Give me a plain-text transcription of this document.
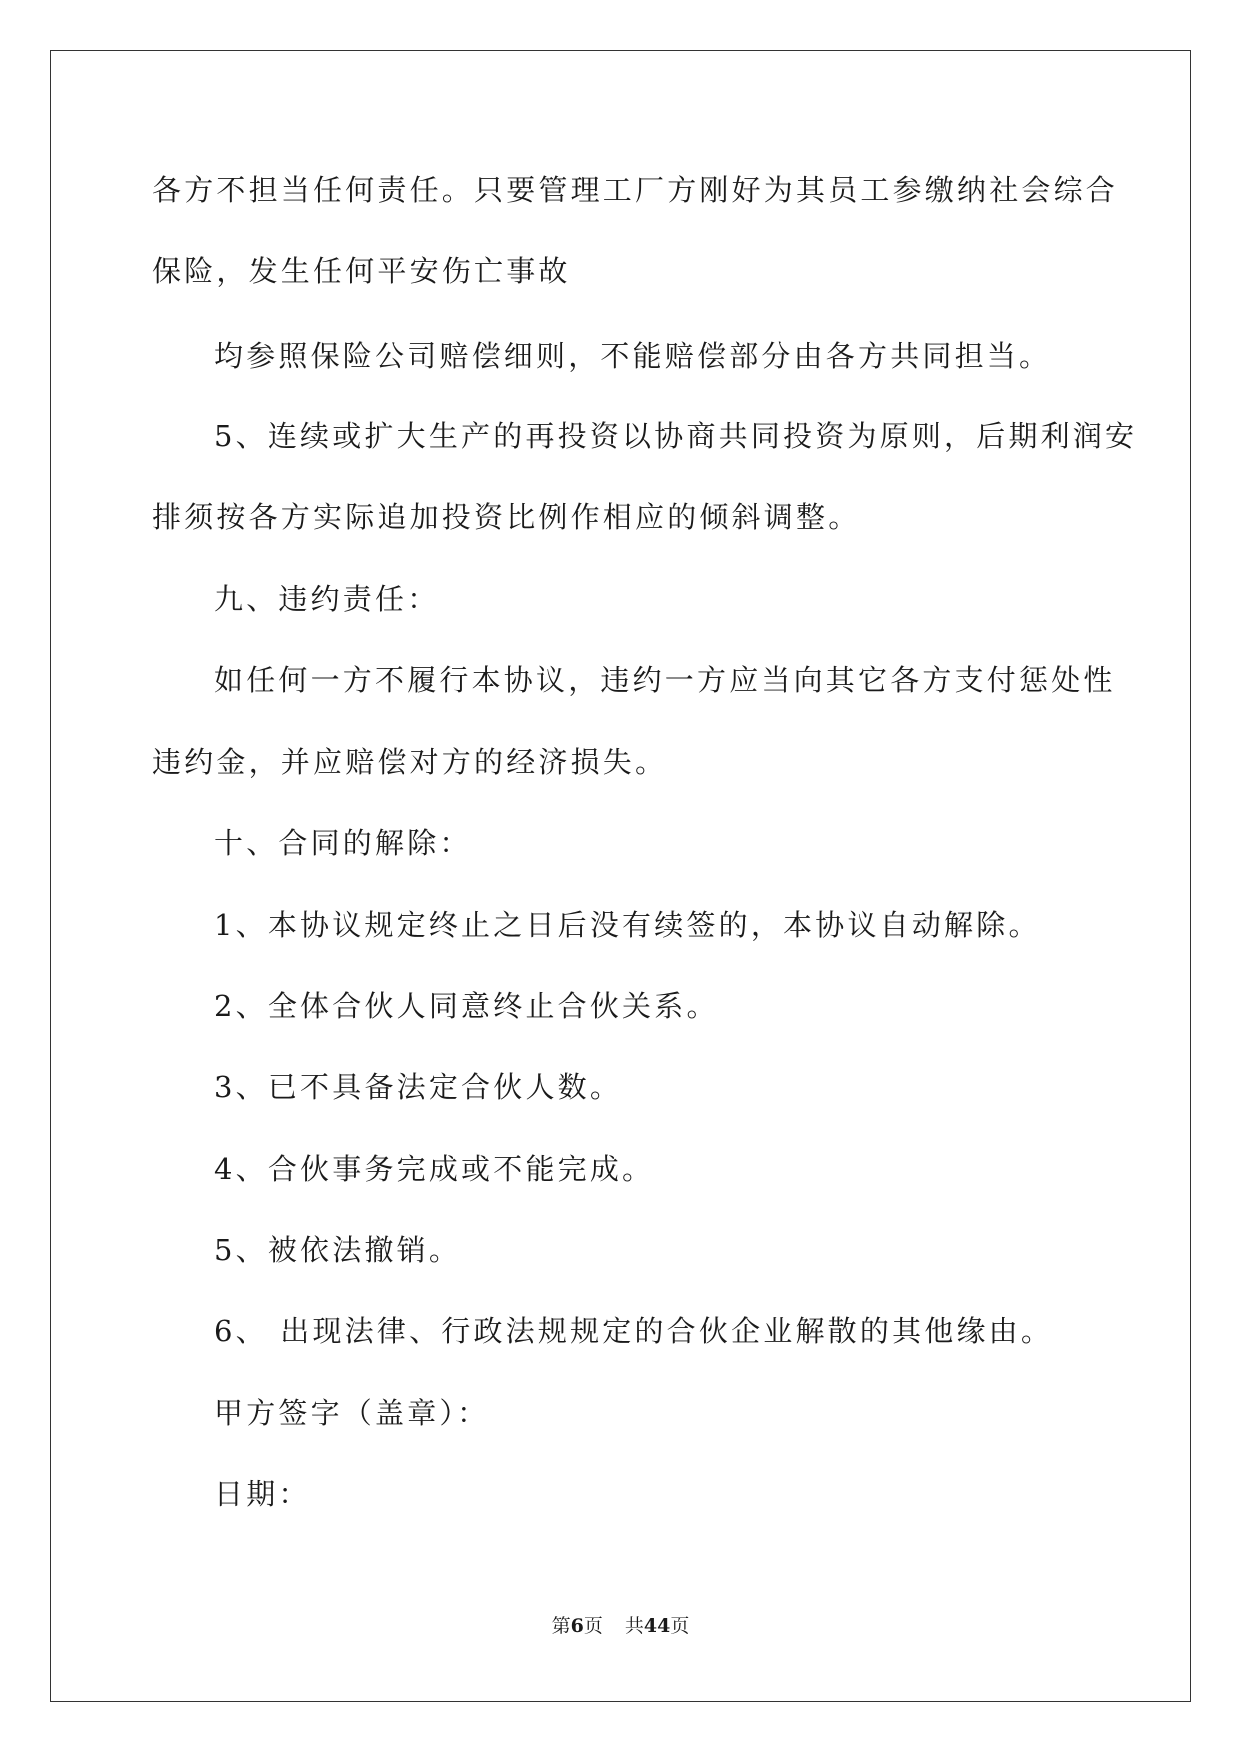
各方不担当任何责任。只要管理工厂方刚好为其员工参缴纳社会综合
保险，发生任何平安伤亡事故
均参照保险公司赔偿细则，不能赔偿部分由各方共同担当。
5、连续或扩大生产的再投资以协商共同投资为原则，后期利润安
排须按各方实际追加投资比例作相应的倾斜调整。
九、违约责任：
如任何一方不履行本协议，违约一方应当向其它各方支付惩处性
违约金，并应赔偿对方的经济损失。
十、合同的解除：
1、本协议规定终止之日后没有续签的，本协议自动解除。
2、全体合伙人同意终止合伙关系。
3、已不具备法定合伙人数。
4、合伙事务完成或不能完成。
5、被依法撤销。
6、 出现法律、行政法规规定的合伙企业解散的其他缘由。
甲方签字（盖章）：
日期：
第6页 共44页
